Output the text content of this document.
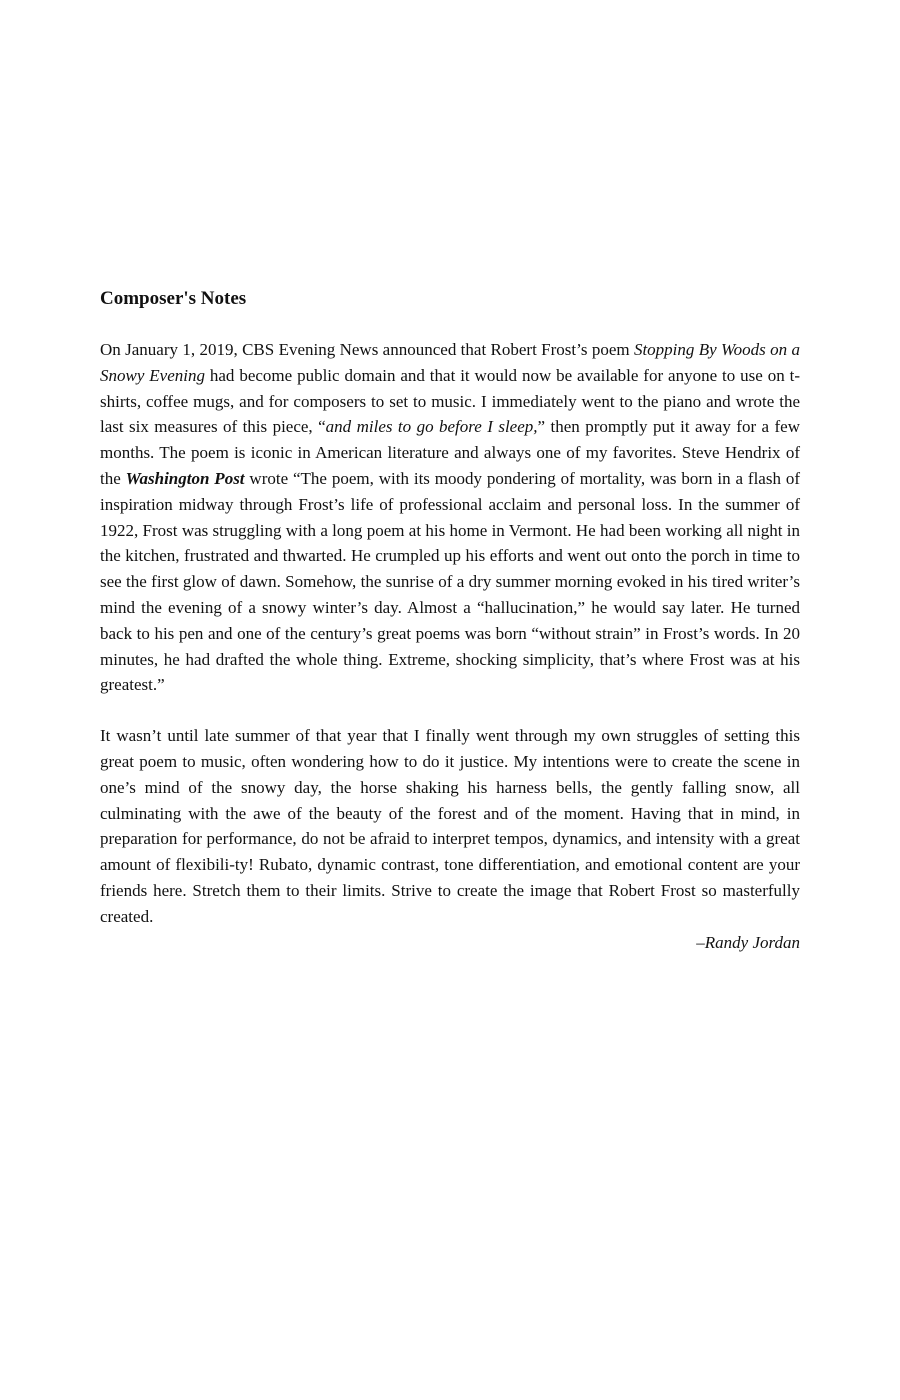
Composer's Notes

On January 1, 2019, CBS Evening News announced that Robert Frost’s poem Stopping By Woods on a Snowy Evening had become public domain and that it would now be available for anyone to use on t-shirts, coffee mugs, and for composers to set to music. I immediately went to the piano and wrote the last six measures of this piece, “and miles to go before I sleep,” then promptly put it away for a few months. The poem is iconic in American literature and always one of my favorites. Steve Hendrix of the Washington Post wrote “The poem, with its moody pondering of mortality, was born in a flash of inspiration midway through Frost’s life of professional acclaim and personal loss. In the summer of 1922, Frost was struggling with a long poem at his home in Vermont. He had been working all night in the kitchen, frustrated and thwarted. He crumpled up his efforts and went out onto the porch in time to see the first glow of dawn. Somehow, the sunrise of a dry summer morning evoked in his tired writer’s mind the evening of a snowy winter’s day. Almost a “hallucination,” he would say later. He turned back to his pen and one of the century’s great poems was born “without strain” in Frost’s words. In 20 minutes, he had drafted the whole thing. Extreme, shocking simplicity, that’s where Frost was at his greatest.”

It wasn’t until late summer of that year that I finally went through my own struggles of setting this great poem to music, often wondering how to do it justice. My intentions were to create the scene in one’s mind of the snowy day, the horse shaking his harness bells, the gently falling snow, all culminating with the awe of the beauty of the forest and of the moment. Having that in mind, in preparation for performance, do not be afraid to interpret tempos, dynamics, and intensity with a great amount of flexibili-ty! Rubato, dynamic contrast, tone differentiation, and emotional content are your friends here. Stretch them to their limits. Strive to create the image that Robert Frost so masterfully created.

–Randy Jordan
